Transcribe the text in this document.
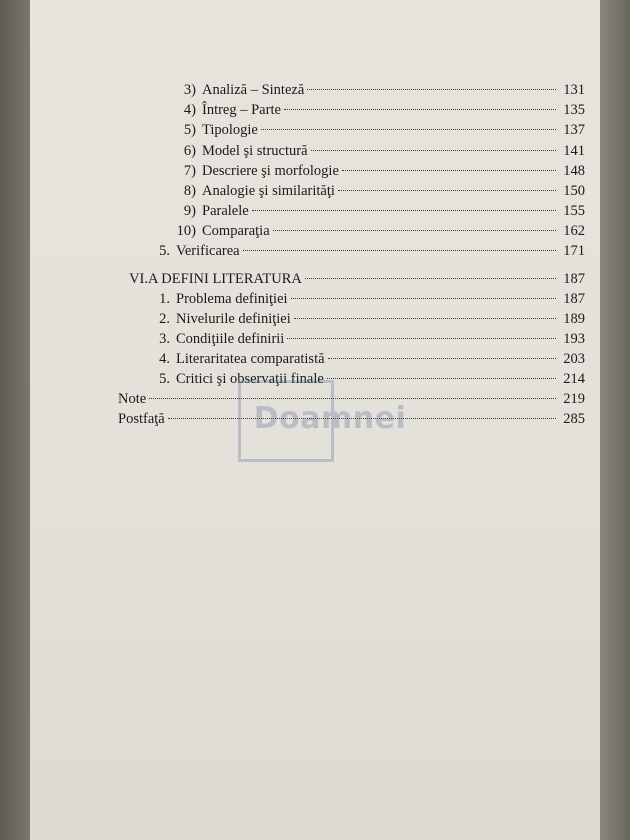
3) Analiză – Sinteză	131
4) Întreg – Parte	135
5) Tipologie	137
6) Model şi structură	141
7) Descriere şi morfologie	148
8) Analogie şi similarităţi	150
9) Paralele	155
10) Comparaţia	162
5. Verificarea	171
VI. A DEFINI LITERATURA	187
1. Problema definiţiei	187
2. Nivelurile definiţiei	189
3. Condiţiile definirii	193
4. Literaritatea comparatistă	203
5. Critici şi observaţii finale	214
Note	219
Postfaţă	285
Doamnei
